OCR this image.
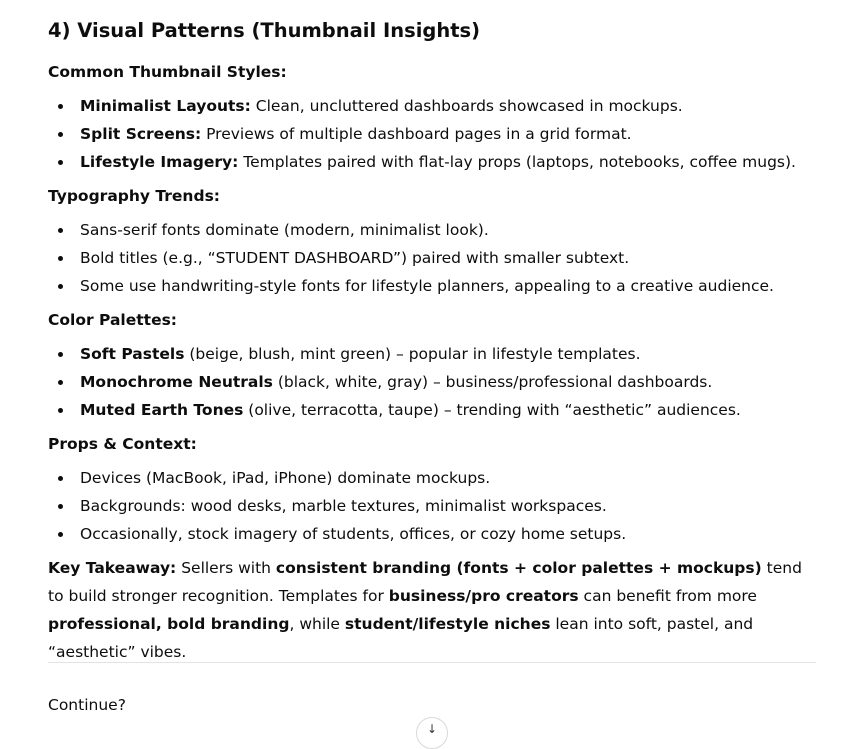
4) Visual Patterns (Thumbnail Insights)
Common Thumbnail Styles:
Minimalist Layouts: Clean, uncluttered dashboards showcased in mockups.
Split Screens: Previews of multiple dashboard pages in a grid format.
Lifestyle Imagery: Templates paired with flat-lay props (laptops, notebooks, coffee mugs).
Typography Trends:
Sans-serif fonts dominate (modern, minimalist look).
Bold titles (e.g., “STUDENT DASHBOARD”) paired with smaller subtext.
Some use handwriting-style fonts for lifestyle planners, appealing to a creative audience.
Color Palettes:
Soft Pastels (beige, blush, mint green) – popular in lifestyle templates.
Monochrome Neutrals (black, white, gray) – business/professional dashboards.
Muted Earth Tones (olive, terracotta, taupe) – trending with “aesthetic” audiences.
Props & Context:
Devices (MacBook, iPad, iPhone) dominate mockups.
Backgrounds: wood desks, marble textures, minimalist workspaces.
Occasionally, stock imagery of students, offices, or cozy home setups.

Key Takeaway: Sellers with consistent branding (fonts + color palettes + mockups) tend to build stronger recognition. Templates for business/pro creators can benefit from more professional, bold branding, while student/lifestyle niches lean into soft, pastel, and “aesthetic” vibes.

Continue?
↓
